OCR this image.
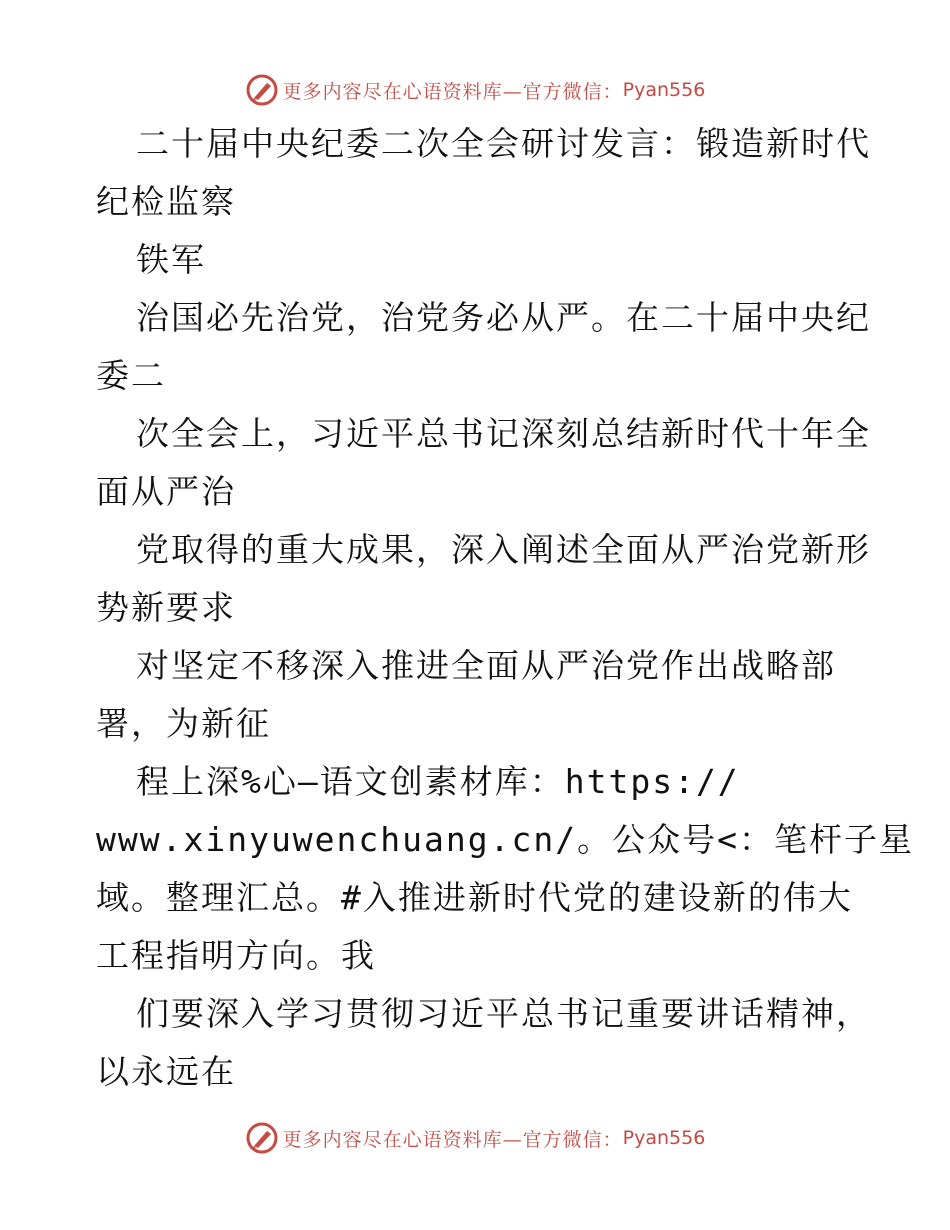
更多内容尽在心语资料库—官方微信： Pyan556
二十届中央纪委二次全会研讨发言：锻造新时代
纪检监察
铁军
治国必先治党，治党务必从严。在二十届中央纪
委二
次全会上，习近平总书记深刻总结新时代十年全
面从严治
党取得的重大成果，深入阐述全面从严治党新形
势新要求
对坚定不移深入推进全面从严治党作出战略部
署，为新征
程上深%心—语文创素材库：https://
www.xinyuwenchuang.cn/。公众号<：笔杆子星
域。整理汇总。#入推进新时代党的建设新的伟大
工程指明方向。我
们要深入学习贯彻习近平总书记重要讲话精神，
以永远在
更多内容尽在心语资料库—官方微信： Pyan556
